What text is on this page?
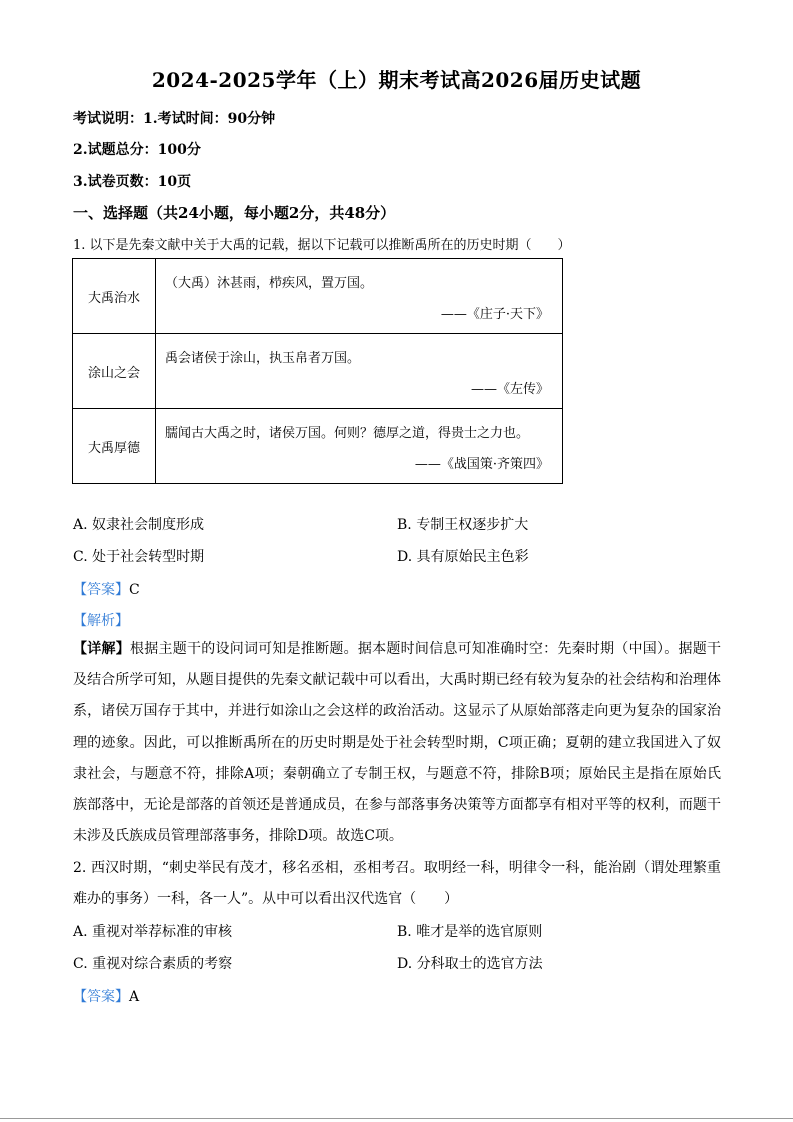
2024-2025学年（上）期末考试高2026届历史试题
考试说明：1.考试时间：90分钟
2.试题总分：100分
3.试卷页数：10页
一、选择题（共24小题，每小题2分，共48分）
1. 以下是先秦文献中关于大禹的记载，据以下记载可以推断禹所在的历史时期（　　）
大禹治水	（大禹）沐甚雨，栉疾风，置万国。
——《庄子·天下》

涂山之会	禹会诸侯于涂山，执玉帛者万国。
——《左传》

大禹厚德	臑闻古大禹之时，诸侯万国。何则？德厚之道，得贵士之力也。
——《战国策·齐策四》
A. 奴隶社会制度形成	B. 专制王权逐步扩大
C. 处于社会转型时期	D. 具有原始民主色彩
【答案】C
【解析】
【详解】根据主题干的设问词可知是推断题。据本题时间信息可知准确时空：先秦时期（中国）。据题干及结合所学可知，从题目提供的先秦文献记载中可以看出，大禹时期已经有较为复杂的社会结构和治理体系，诸侯万国存于其中，并进行如涂山之会这样的政治活动。这显示了从原始部落走向更为复杂的国家治理的迹象。因此，可以推断禹所在的历史时期是处于社会转型时期，C项正确；夏朝的建立我国进入了奴隶社会，与题意不符，排除A项；秦朝确立了专制王权，与题意不符，排除B项；原始民主是指在原始氏族部落中，无论是部落的首领还是普通成员，在参与部落事务决策等方面都享有相对平等的权利，而题干未涉及氏族成员管理部落事务，排除D项。故选C项。
2. 西汉时期，“刺史举民有茂才，移名丞相，丞相考召。取明经一科，明律令一科，能治剧（谓处理繁重难办的事务）一科，各一人”。从中可以看出汉代选官（　　）
A. 重视对举荐标准的审核	B. 唯才是举的选官原则
C. 重视对综合素质的考察	D. 分科取士的选官方法
【答案】A
